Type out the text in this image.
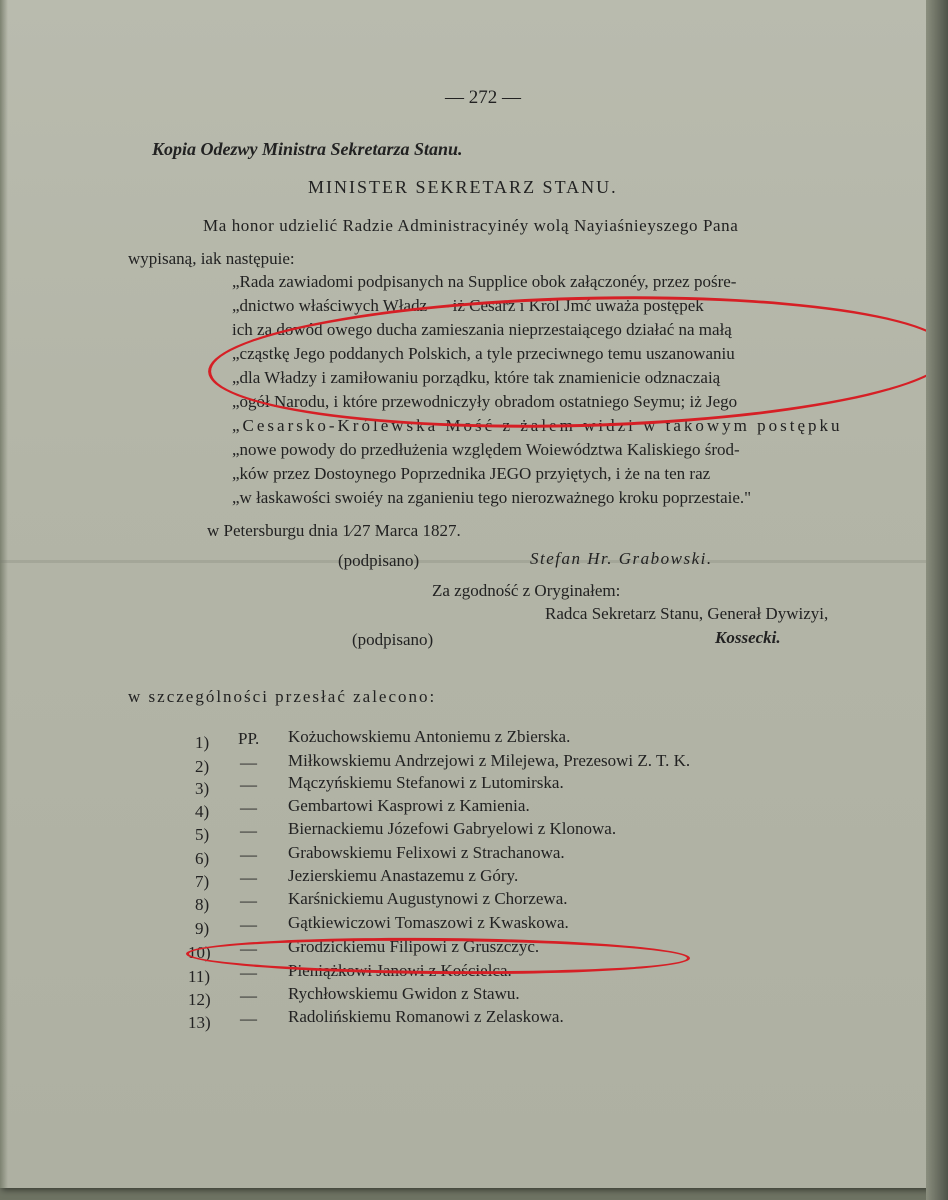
— 272 —
Kopia Odezwy Ministra Sekretarza Stanu.
MINISTER SEKRETARZ STANU.
Ma honor udzielić Radzie Administracyinéy wolą Nayiaśnieyszego Pana
wypisaną, iak następuie:
„Rada zawiadomi podpisanych na Supplice obok załączonéy, przez pośre-
„dnictwo właściwych Władz — iż Cesarz i Król Jmć uważa postępek
ich za dowód owego ducha zamieszania nieprzestaiącego działać na małą
„cząstkę Jego poddanych Polskich, a tyle przeciwnego temu uszanowaniu
„dla Władzy i zamiłowaniu porządku, które tak znamienicie odznaczaią
„ogół Narodu, i które przewodniczyły obradom ostatniego Seymu; iż Jego
„Cesarsko-Królewska Mość z żalem widzi w takowym postępku
„nowe powody do przedłużenia względem Woiewództwa Kaliskiego środ-
„ków przez Dostoynego Poprzednika JEGO przyiętych, i że na ten raz
„w łaskawości swoiéy na zganieniu tego nierozważnego kroku poprzestaie."
w Petersburgu dnia 1⁄27 Marca 1827.
(podpisano)	Stefan Hr. Grabowski.
Za zgodność z Oryginałem:
Radca Sekretarz Stanu, Generał Dywizyi,
(podpisano)	Kossecki.
w szczególności przesłać zalecono:
1) PP. Kożuchowskiemu Antoniemu z Zbierska.
2) — Miłkowskiemu Andrzejowi z Milejewa, Prezesowi Z. T. K.
3) — Mączyńskiemu Stefanowi z Lutomirska.
4) — Gembartowi Kasprowi z Kamienia.
5) — Biernackiemu Józefowi Gabryelowi z Klonowa.
6) — Grabowskiemu Felixowi z Strachanowa.
7) — Jezierskiemu Anastazemu z Góry.
8) — Karśnickiemu Augustynowi z Chorzewa.
9) — Gątkiewiczowi Tomaszowi z Kwaskowa.
10) — Grodzickiemu Filipowi z Gruszczyc.
11) — Pieniążkowi Janowi z Kościelca.
12) — Rychłowskiemu Gwidon z Stawu.
13) — Radolińskiemu Romanowi z Zelaskowa.
